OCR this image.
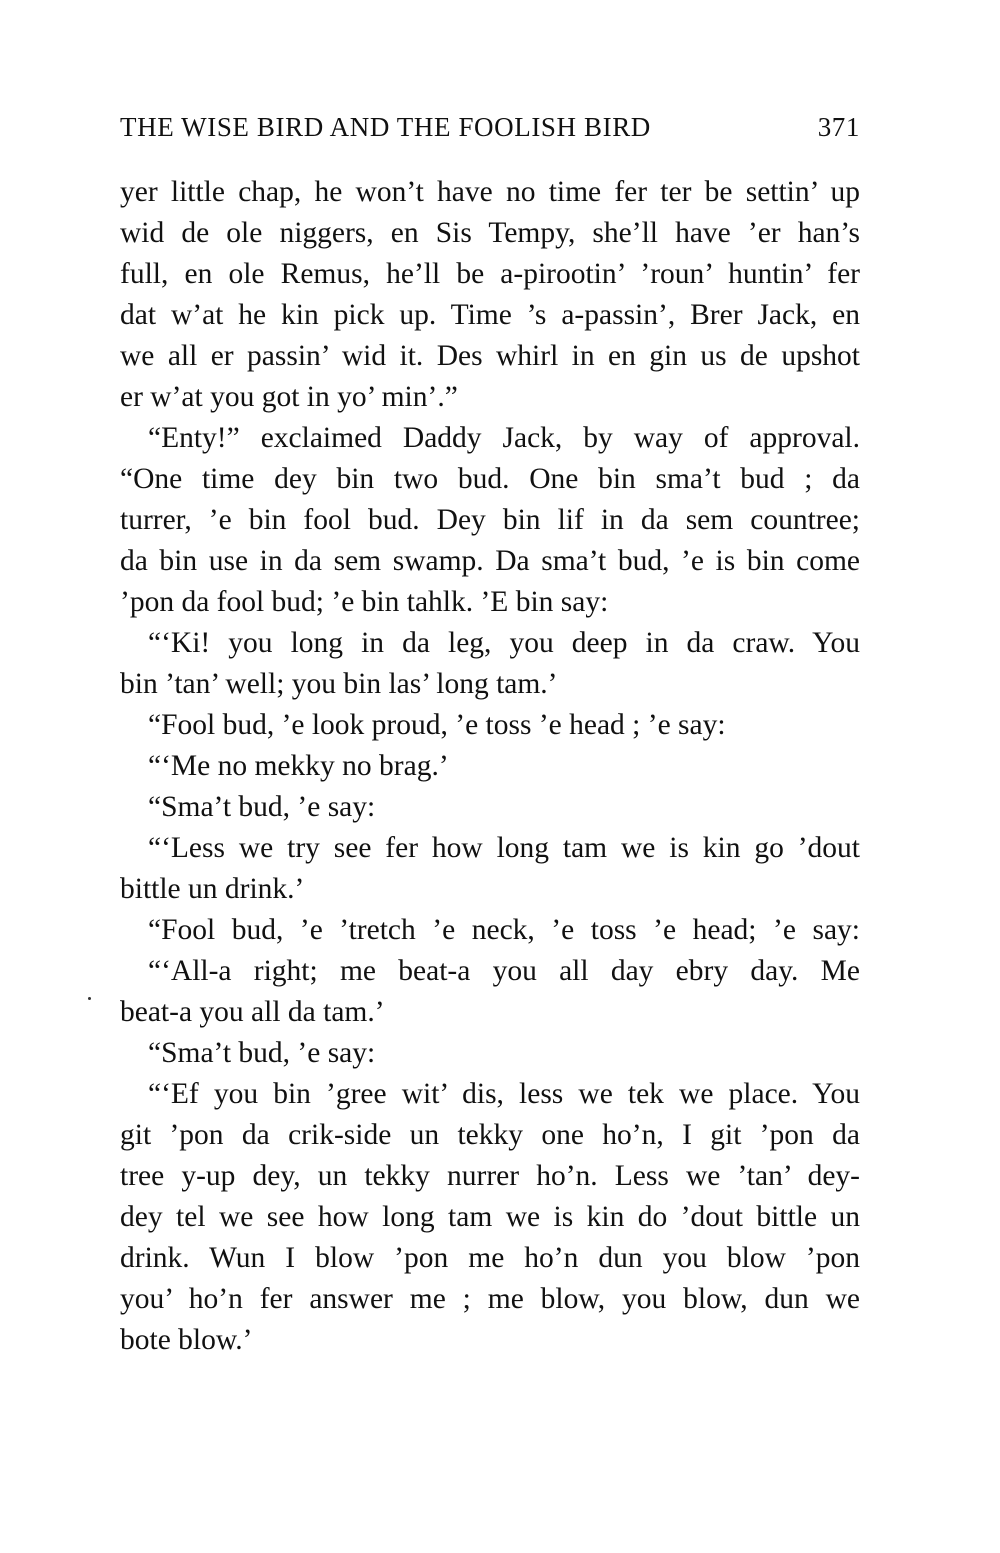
THE WISE BIRD AND THE FOOLISH BIRD	371
yer little chap, he won’t have no time fer ter be settin’ up
wid de ole niggers, en Sis Tempy, she’ll have ’er han’s
full, en ole Remus, he’ll be a-pirootin’ ’roun’ huntin’ fer
dat w’at he kin pick up. Time ’s a-passin’, Brer Jack, en
we all er passin’ wid it. Des whirl in en gin us de upshot
er w’at you got in yo’ min’.”
“Enty!” exclaimed Daddy Jack, by way of approval.
“One time dey bin two bud. One bin sma’t bud ; da
turrer, ’e bin fool bud. Dey bin lif in da sem countree;
da bin use in da sem swamp. Da sma’t bud, ’e is bin come
’pon da fool bud; ’e bin tahlk. ’E bin say:
“‘Ki! you long in da leg, you deep in da craw. You
bin ’tan’ well; you bin las’ long tam.’
“Fool bud, ’e look proud, ’e toss ’e head ; ’e say:
“‘Me no mekky no brag.’
“Sma’t bud, ’e say:
“‘Less we try see fer how long tam we is kin go ’dout
bittle un drink.’
“Fool bud, ’e ’tretch ’e neck, ’e toss ’e head; ’e say:
“‘All-a right; me beat-a you all day ebry day. Me
beat-a you all da tam.’
“Sma’t bud, ’e say:
“‘Ef you bin ’gree wit’ dis, less we tek we place. You
git ’pon da crik-side un tekky one ho’n, I git ’pon da
tree y-up dey, un tekky nurrer ho’n. Less we ’tan’ dey-
dey tel we see how long tam we is kin do ’dout bittle un
drink. Wun I blow ’pon me ho’n dun you blow ’pon
you’ ho’n fer answer me ; me blow, you blow, dun we
bote blow.’
